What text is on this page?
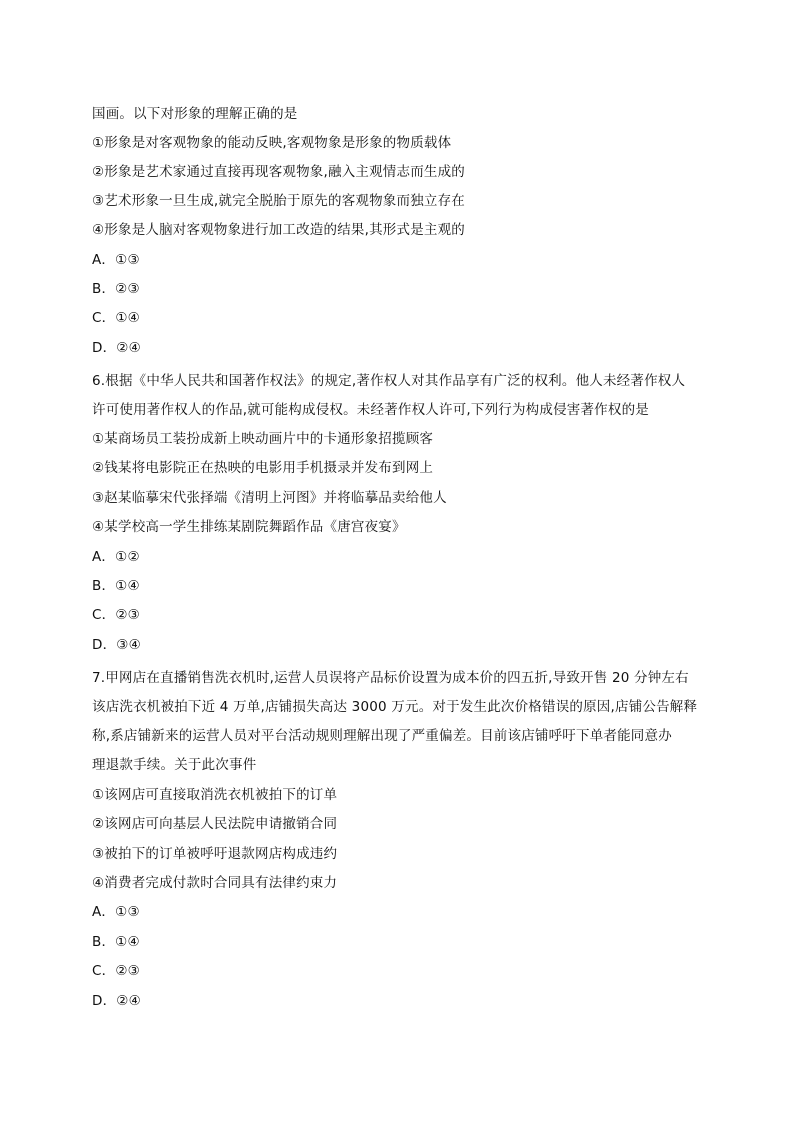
国画。以下对形象的理解正确的是
①形象是对客观物象的能动反映,客观物象是形象的物质载体
②形象是艺术家通过直接再现客观物象,融入主观情志而生成的
③艺术形象一旦生成,就完全脱胎于原先的客观物象而独立存在
④形象是人脑对客观物象进行加工改造的结果,其形式是主观的
A．①③
B．②③
C．①④
D．②④
6.根据《中华人民共和国著作权法》的规定,著作权人对其作品享有广泛的权利。他人未经著作权人
许可使用著作权人的作品,就可能构成侵权。未经著作权人许可,下列行为构成侵害著作权的是
①某商场员工装扮成新上映动画片中的卡通形象招揽顾客
②钱某将电影院正在热映的电影用手机摄录并发布到网上
③赵某临摹宋代张择端《清明上河图》并将临摹品卖给他人
④某学校高一学生排练某剧院舞蹈作品《唐宫夜宴》
A．①②
B．①④
C．②③
D．③④
7.甲网店在直播销售洗衣机时,运营人员误将产品标价设置为成本价的四五折,导致开售 20 分钟左右
该店洗衣机被拍下近 4 万单,店铺损失高达 3000 万元。对于发生此次价格错误的原因,店铺公告解释
称,系店铺新来的运营人员对平台活动规则理解出现了严重偏差。目前该店铺呼吁下单者能同意办
理退款手续。关于此次事件
①该网店可直接取消洗衣机被拍下的订单
②该网店可向基层人民法院申请撤销合同
③被拍下的订单被呼吁退款网店构成违约
④消费者完成付款时合同具有法律约束力
A．①③
B．①④
C．②③
D．②④
